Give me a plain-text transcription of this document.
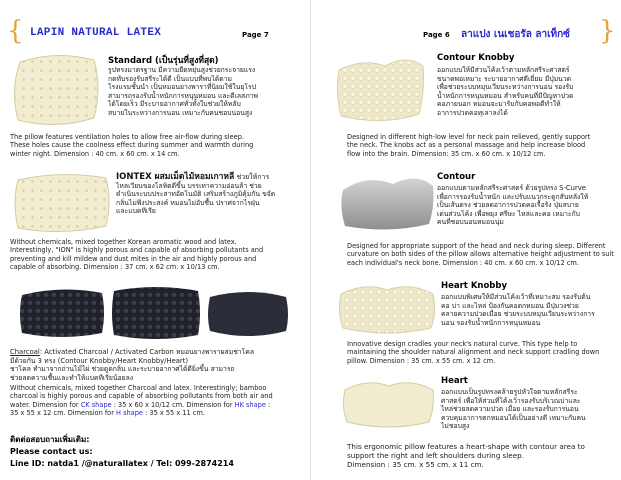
{ LAPIN NATURAL LATEX	Page 7
Standard (เป็นรุ่นที่สูงที่สุด)
รูปทรงมาตรฐาน มีความยืดหยุ่นสูงช่วยกระจายแรง
กดทับรองรับสรีระได้ดี เป็นแบบที่พบได้ตาม
โรงแรมชั้นนำ เป็นหมอนยางพาราที่นิยมใช้ในยุโรป
สามารถรองรับน้ำหนักการหนุนหมอน และดีเลสภาพ
ได้โดยเร็ว มีระบายอากาศทั่วทั้งใบช่วยให้หลับ
สบายในระหว่างการนอน เหมาะกับคนชอบนอนสูง
The pillow features ventilation holes to allow free air-flow during sleep.
These holes cause the coolness effect during summer and warmth during
winter night. Dimension : 40 cm. x 60 cm. x 14 cm.
IONTEX ผสมเม็ดไม้หอมเกาหลี ช่วยให้การ
ไหลเวียนของโลหิตดีขึ้น บรรเทาความอ่อนล้า ช่วย
ดำเนินระบบประสาทอัตโนมัติ เสริมสร้างภูมิคุ้มกัน ขจัด
กลิ่นไม่พึงประสงค์ หมอนไม่อับชื้น ปราศจากไรฝุ่น
และแบคทีเรีย
Without chemicals, mixed together Korean aromatic wood and latex.
Interestingly, "ION" is highly porous and capable of absorbing pollutants and
preventing and kill mildew and dust mites in the air and highly porous and
capable of absorbing. Dimension : 37 cm. x 62 cm. x 10/13 cm.
Charcoal: Activated Charcoal / Activated Carbon หมอนยางพาราผสมชาโคล
มีด้วยกัน 3 ทรง (Contour Knobby/Heart Knobby/Heart)
ชาโคล ทำมาจากถ่านไม้ไผ่ ช่วยดูดกลิ่น และระบายอากาศได้ดียิ่งขึ้น สามารถ
ช่วยลดความชื้นและทำให้แบคทีเรียน้อยลง
Without chemicals, mixed together Charcoal and latex. Interestingly; bamboo
charcoal is highly porous and capable of absorbing pollutants from both air and
water. Dimension for CK shape : 35 x 60 x 10/12 cm. Dimension for HK shape :
35 x 55 x 12 cm. Dimension for H shape : 35 x 55 x 11 cm.
ติดต่อสอบถามเพิ่มเติม:
Please contact us:
Line ID: natda1 /@naturallatex / Tel: 099-2874214
Page 6 ลาแปง เนเชอรัล ลาเท็กซ์ }
Contour Knobby
ออกแบบให้มีส่วนโค้งเว้าตามหลักสรีระศาสตร์
ขนาดพอเหมาะ ระบายอากาศดีเยี่ยม มีปุ่มนวด
เพื่อช่วยระบบหมุนเวียนระหว่างการนอน รองรับ
น้ำหนักการหนุนหมอน สำหรับคนที่มีปัญหาปวด
คอภายนอก หมอนจะมารับกับคอพอดีทำให้
อาการปวดคอทุเลาลงได้
Designed in different high-low level for neck pain relieved, gently support
the neck. The knobs act as a personal massage and help increase blood
flow into the brain. Dimension: 35 cm. x 60 cm. x 10/12 cm.
Contour
ออกแบบตามหลักสรีระศาสตร์ ด้วยรูปทรง S-Curve
เพื่อการรองรับน้ำหนัก และปรับแนวกระดูกสันหลังให้
เป็นเส้นตรง ช่วยลดอาการปวดคอเรื้อรัง ปุ่มสบาย
เด่นส่วนโค้ง เพื่อพยุง ศรีษะ ไหล่และคอ เหมาะกับ
คนที่ชอบนอนหมอนนุ่ม
Designed for appropriate support of the head and neck during sleep. Different
curvature on both sides of the pillow allows alternative height adjustment to suit
each individual's neck bone. Dimension : 40 cm. x 60 cm. x 10/12 cm.
Heart Knobby
ออกแบบพิเศษให้มีส่วนโค้งเว้าที่เหมาะสม รองรับต้น
คอ บ่า และไหล่ ป้องกันคอตกหมอน มีปุ่มวงช่วย
คลายความปวดเมื่อย ช่วยระบบหมุนเวียนระหว่างการ
นอน รองรับน้ำหนักการหนุนหมอน
Innovative design cradles your neck's natural curve. This type help to
maintaining the shoulder natural alignment and neck support cradling down
pillow. Dimension : 35 cm. x 55 cm. x 12 cm.
Heart
ออกแบบเป็นรูปทรงคล้ายรูปหัวใจตามหลักสรีระ
ศาสตร์ เพื่อให้ส่วนที่โค้งเว้ารองรับบริเวณบ่าและ
ไหล่ช่วยลดความปวด เมื่อย และรองรับการนอน
ควบคุมอาการตกหมอนได้เป็นอย่างดี เหมาะกับคน
ไม่ชอบสูง
This ergonomic pillow features a heart-shape with contour area to
support the right and left shoulders during sleep.
Dimension : 35 cm. x 55 cm. x 11 cm.
